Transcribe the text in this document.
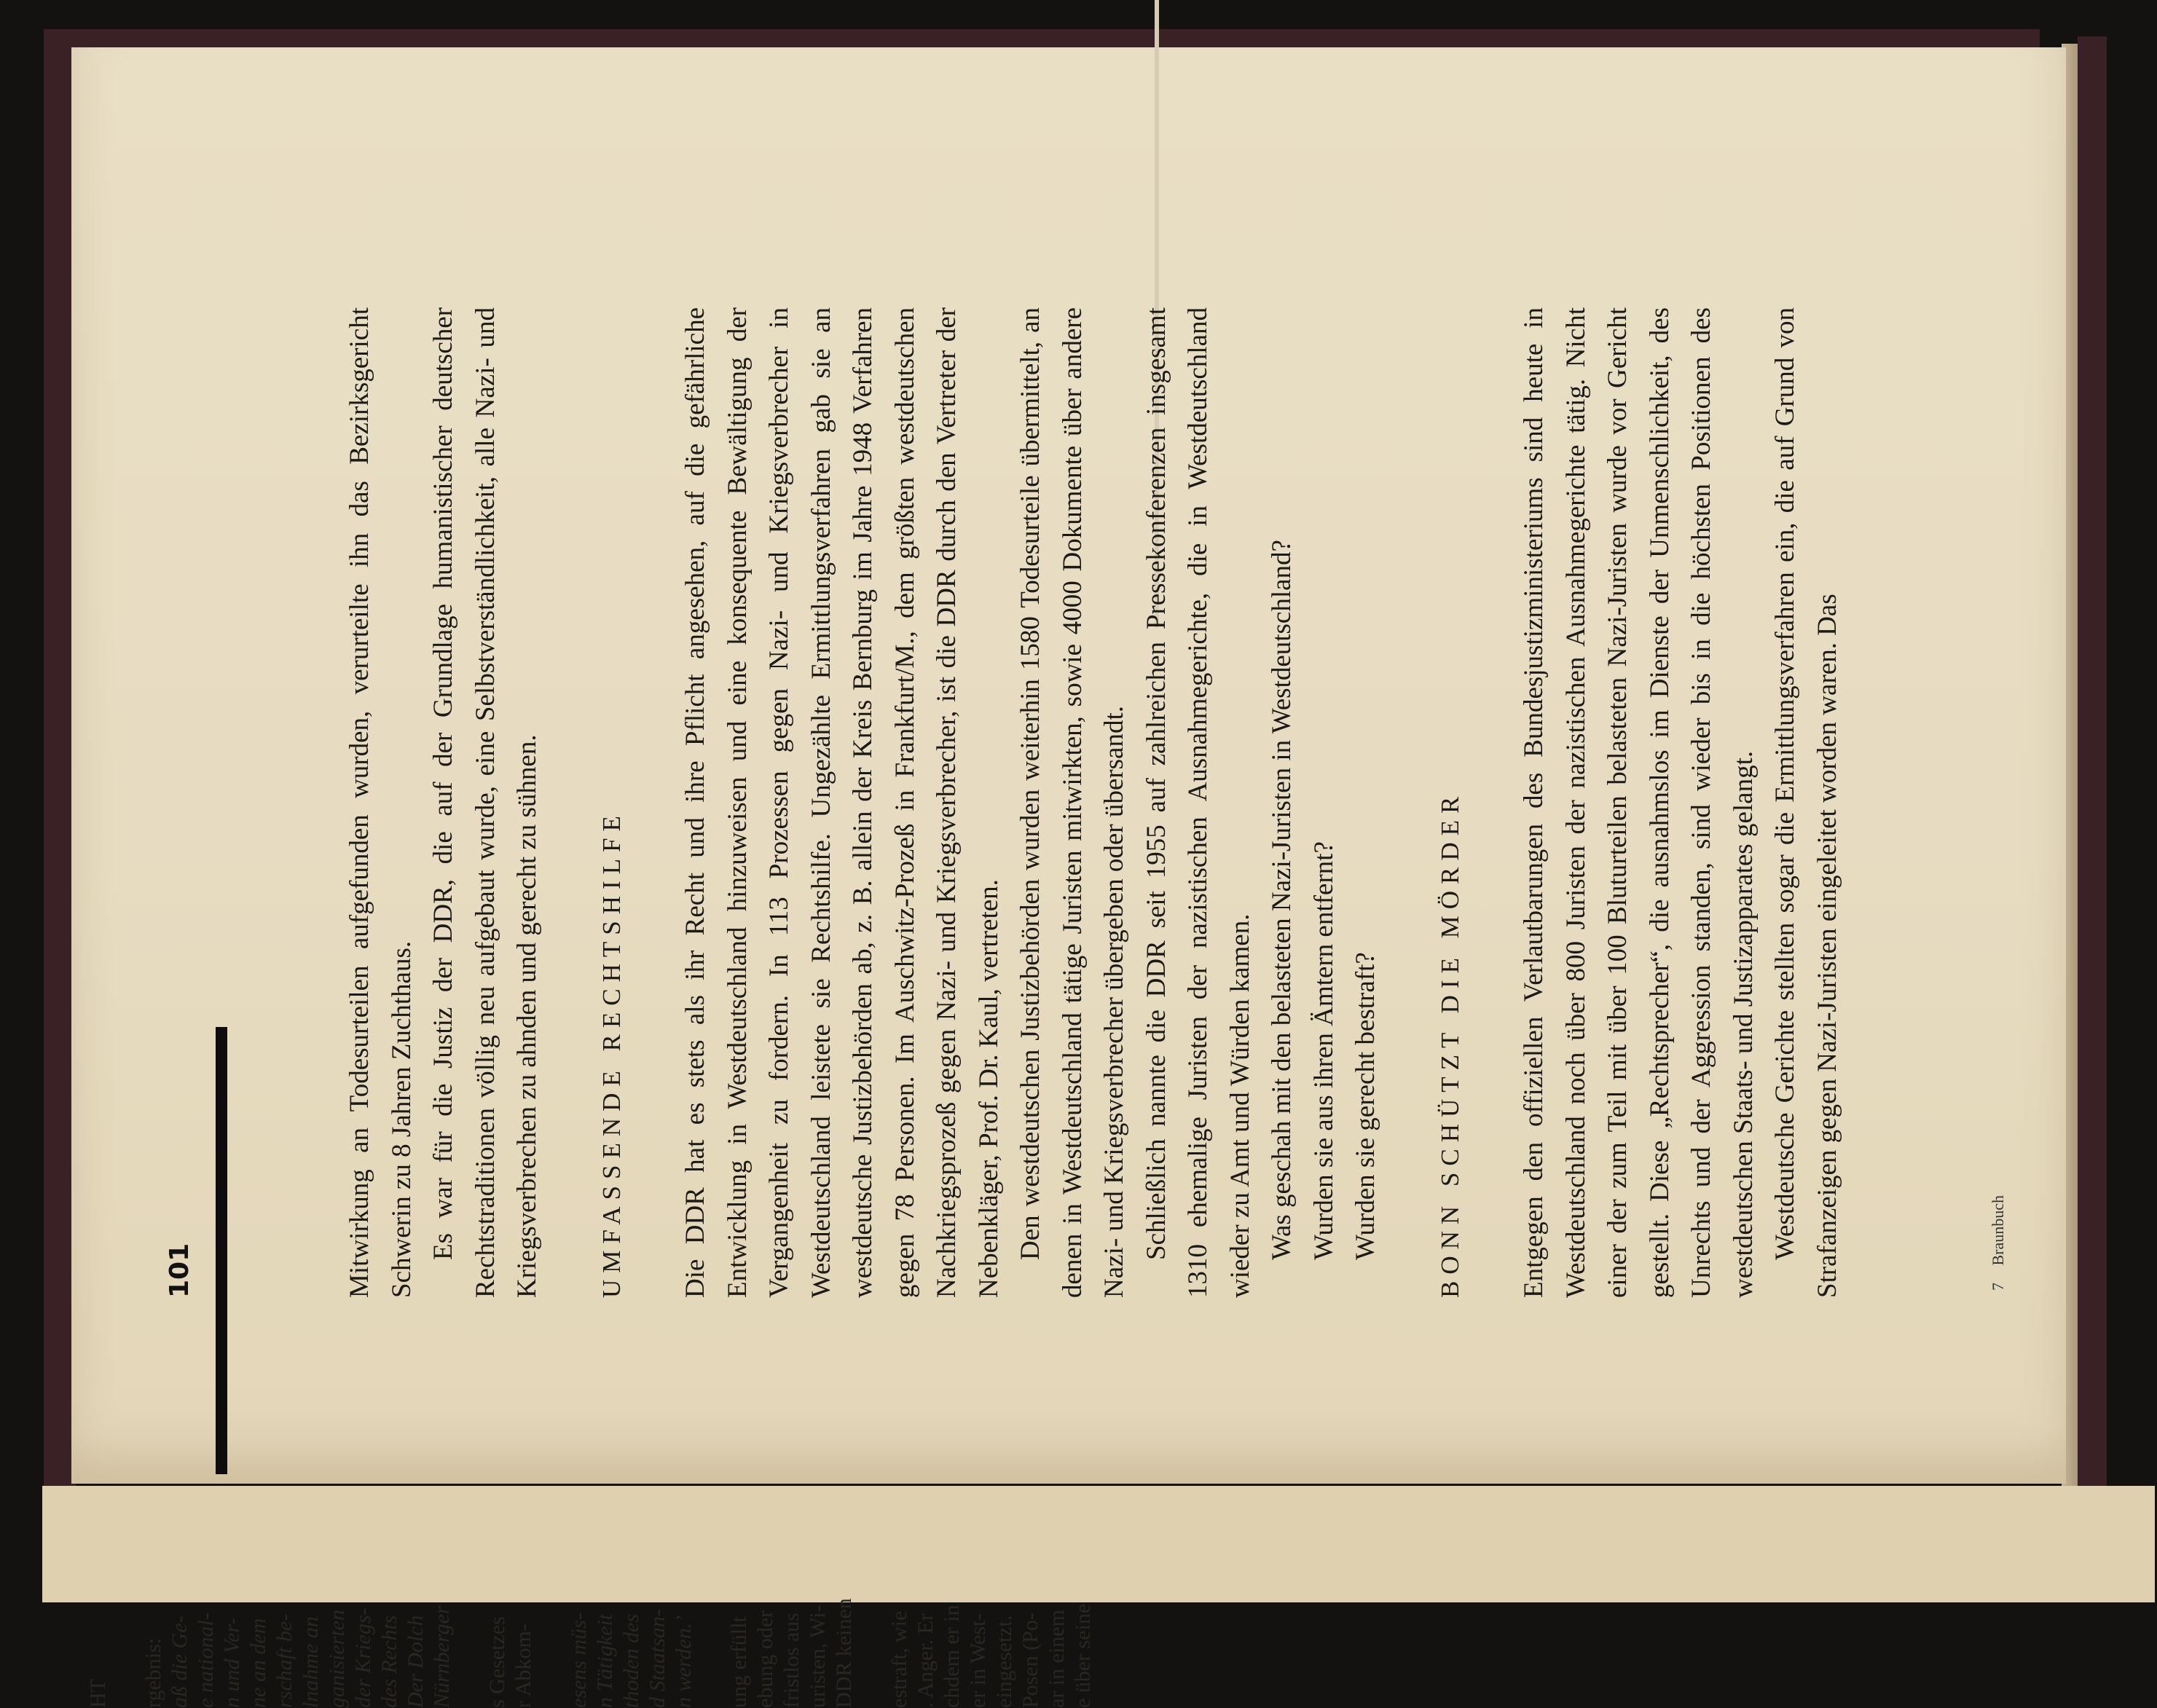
HT rgebnis: aß die Ge- e national- n und Ver- ne an dem rschaft be- lnahme an ganisierten der Kriegs- des Rechts Der Dolch Nürnberger s Gesetzes r Abkom- esens müs- n Tätigkeit thoden des d Staatsan- n werden.’ ung erfüllt ebung oder fristlos aus uristen, Wi- DDR keinen estraft, wie . Anger. Er chdem er in er in West- eingesetzt. Posen (Po- ar in einem e über seine
101	Mitwirkung an Todesurteilen aufgefunden wurden, verurteilte ihn das Bezirksgericht Schwerin zu 8 Jahren Zuchthaus. Es war für die Justiz der DDR, die auf der Grundlage humanistischer deutscher Rechtstraditionen völlig neu aufgebaut wurde, eine Selbstverständlichkeit, alle Nazi- und Kriegsverbrechen zu ahnden und gerecht zu sühnen. UMFASSENDE RECHTSHILFE Die DDR hat es stets als ihr Recht und ihre Pflicht angesehen, auf die gefährliche Entwicklung in Westdeutschland hinzuweisen und eine konsequente Bewältigung der Vergangenheit zu fordern. In 113 Prozessen gegen Nazi- und Kriegsverbrecher in Westdeutschland leistete sie Rechtshilfe. Ungezählte Ermittlungsverfahren gab sie an westdeutsche Justizbehörden ab, z. B. allein der Kreis Bernburg im Jahre 1948 Verfahren gegen 78 Personen. Im Auschwitz-Prozeß in Frankfurt/M., dem größten westdeutschen Nachkriegsprozeß gegen Nazi- und Kriegsverbrecher, ist die DDR durch den Vertreter der Nebenkläger, Prof. Dr. Kaul, vertreten. Den westdeutschen Justizbehörden wurden weiterhin 1580 Todesurteile übermittelt, an denen in Westdeutschland tätige Juristen mitwirkten, sowie 4000 Dokumente über andere Nazi- und Kriegsverbrecher übergeben oder übersandt. Schließlich nannte die DDR seit 1955 auf zahlreichen Pressekonferenzen insgesamt 1310 ehemalige Juristen der nazistischen Ausnahmegerichte, die in Westdeutschland wieder zu Amt und Würden kamen. Was geschah mit den belasteten Nazi-Juristen in Westdeutschland? Wurden sie aus ihren Ämtern entfernt? Wurden sie gerecht bestraft? BONN SCHÜTZT DIE MÖRDER Entgegen den offiziellen Verlautbarungen des Bundesjustizministeriums sind heute in Westdeutschland noch über 800 Juristen der nazistischen Ausnahmegerichte tätig. Nicht einer der zum Teil mit über 100 Bluturteilen belasteten Nazi-Juristen wurde vor Gericht gestellt. Diese „Rechtsprecher“, die ausnahmslos im Dienste der Unmenschlichkeit, des Unrechts und der Aggression standen, sind wieder bis in die höchsten Positionen des westdeutschen Staats- und Justizapparates gelangt. Westdeutsche Gerichte stellten sogar die Ermittlungsverfahren ein, die auf Grund von Strafanzeigen gegen Nazi-Juristen eingeleitet worden waren. Das	7 Braunbuch
